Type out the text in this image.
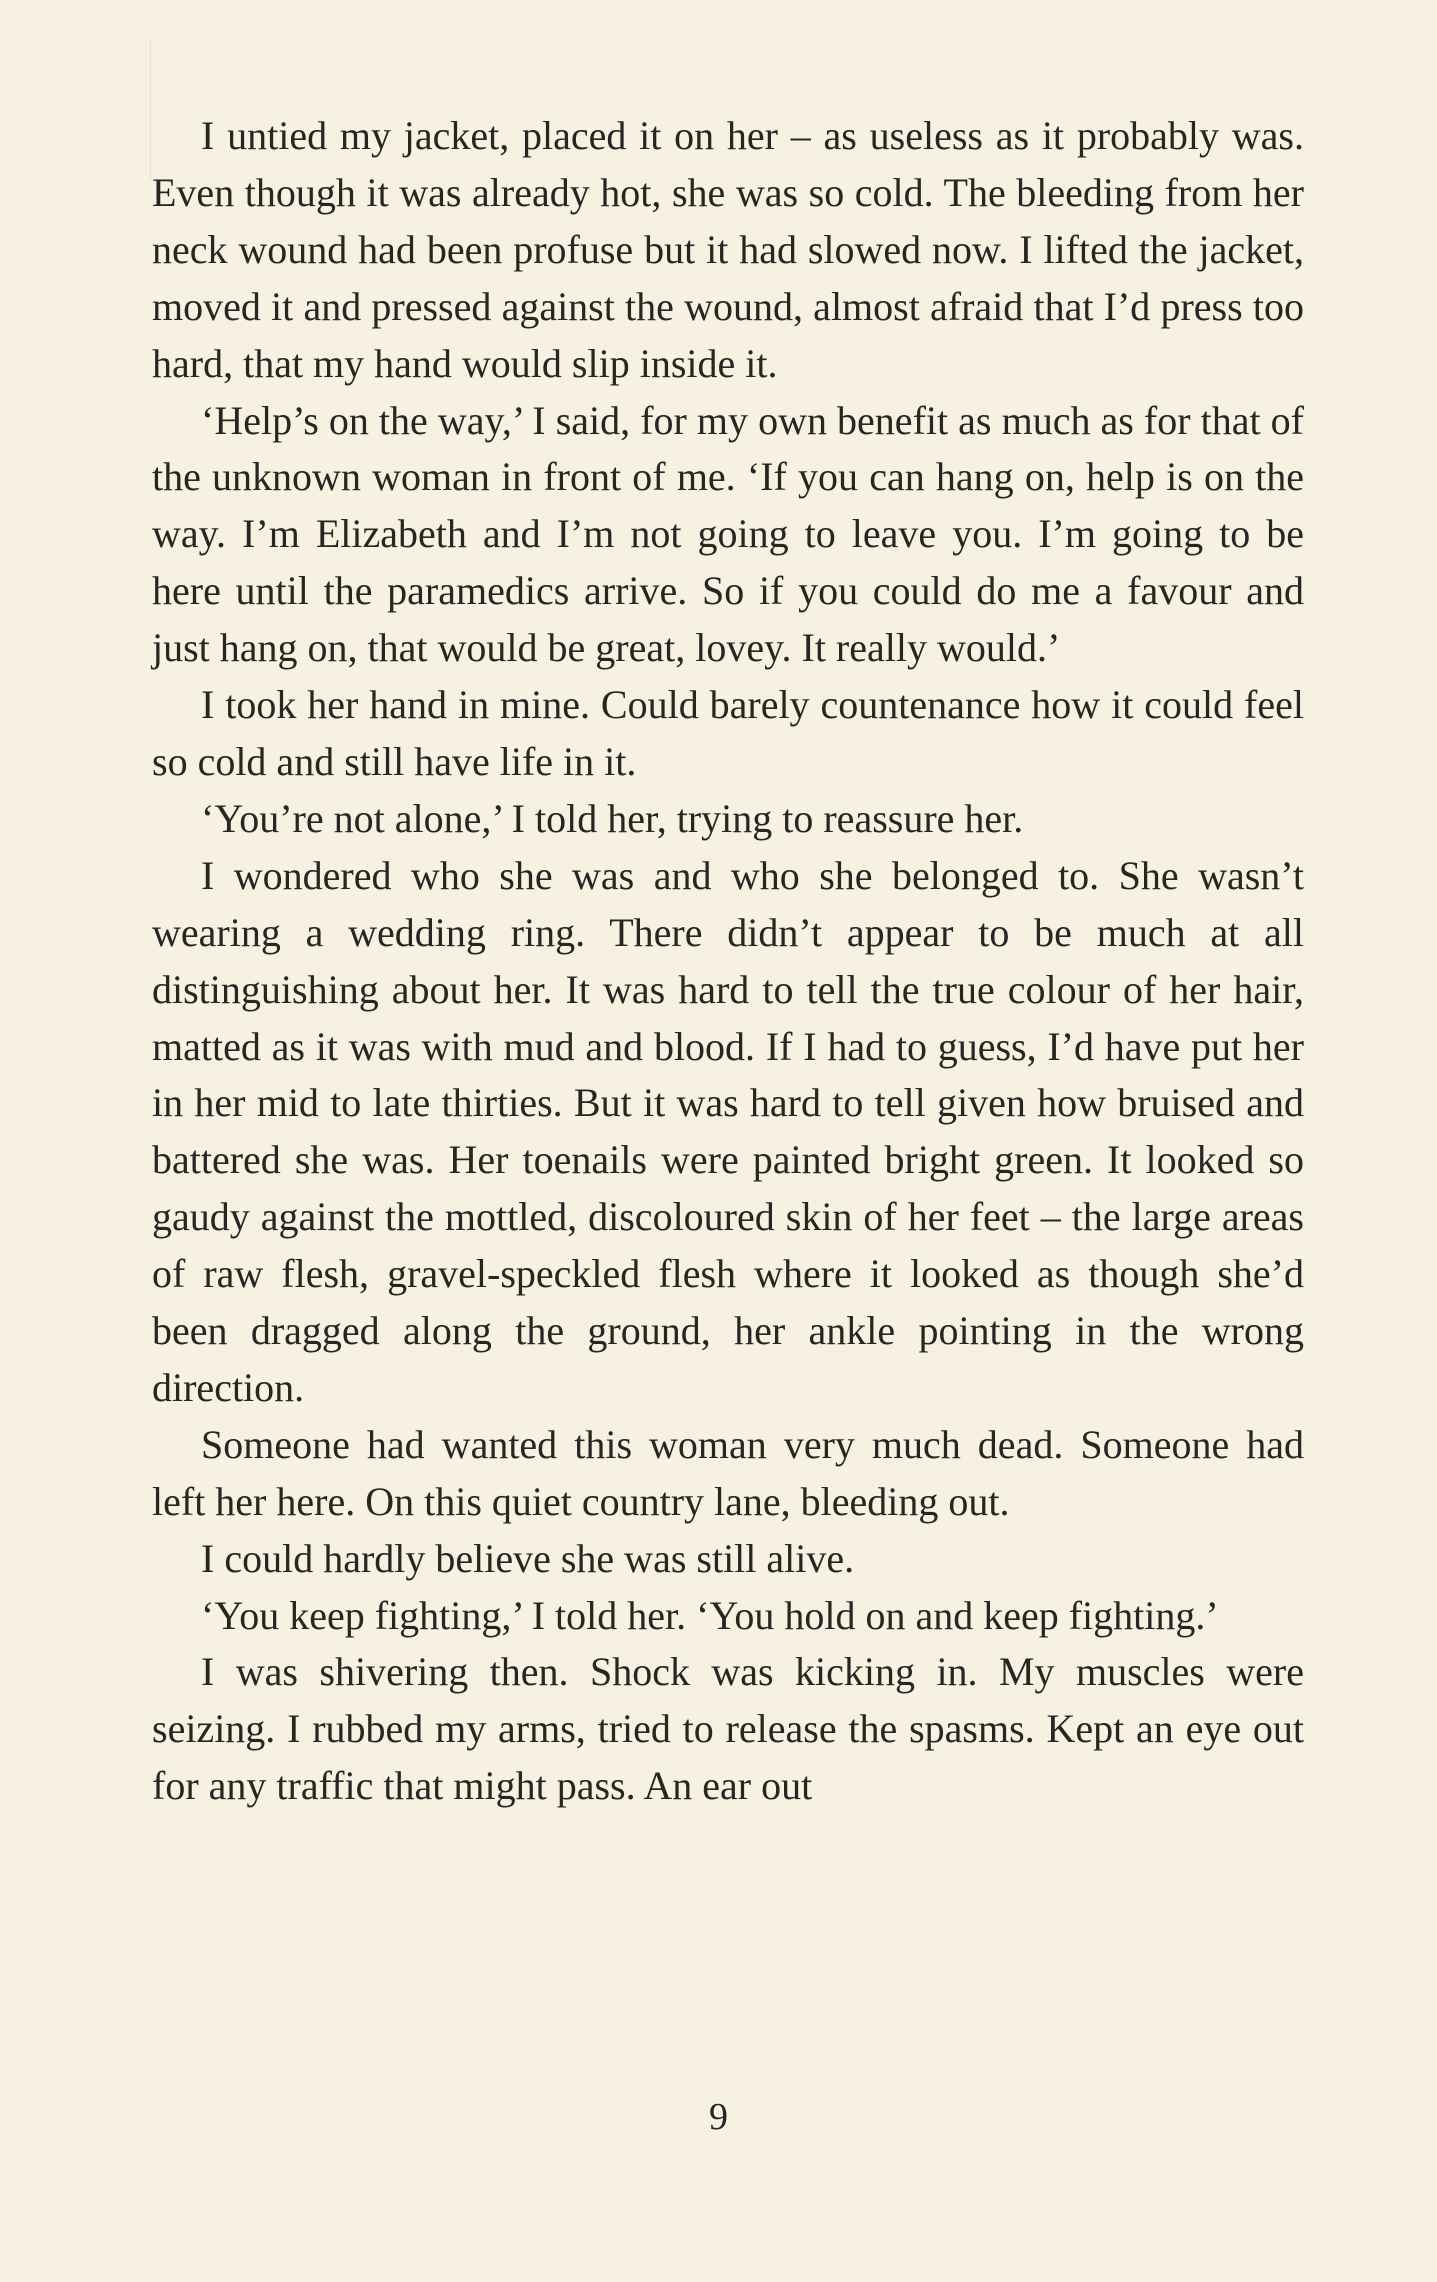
I untied my jacket, placed it on her – as useless as it probably was. Even though it was already hot, she was so cold. The bleeding from her neck wound had been profuse but it had slowed now. I lifted the jacket, moved it and pressed against the wound, almost afraid that I’d press too hard, that my hand would slip inside it.

‘Help’s on the way,’ I said, for my own benefit as much as for that of the unknown woman in front of me. ‘If you can hang on, help is on the way. I’m Elizabeth and I’m not going to leave you. I’m going to be here until the paramedics arrive. So if you could do me a favour and just hang on, that would be great, lovey. It really would.’

I took her hand in mine. Could barely countenance how it could feel so cold and still have life in it.

‘You’re not alone,’ I told her, trying to reassure her.

I wondered who she was and who she belonged to. She wasn’t wearing a wedding ring. There didn’t appear to be much at all distinguishing about her. It was hard to tell the true colour of her hair, matted as it was with mud and blood. If I had to guess, I’d have put her in her mid to late thirties. But it was hard to tell given how bruised and battered she was. Her toenails were painted bright green. It looked so gaudy against the mottled, discoloured skin of her feet – the large areas of raw flesh, gravel-speckled flesh where it looked as though she’d been dragged along the ground, her ankle pointing in the wrong direction.

Someone had wanted this woman very much dead. Someone had left her here. On this quiet country lane, bleeding out.

I could hardly believe she was still alive.

‘You keep fighting,’ I told her. ‘You hold on and keep fighting.’

I was shivering then. Shock was kicking in. My muscles were seizing. I rubbed my arms, tried to release the spasms. Kept an eye out for any traffic that might pass. An ear out

9
